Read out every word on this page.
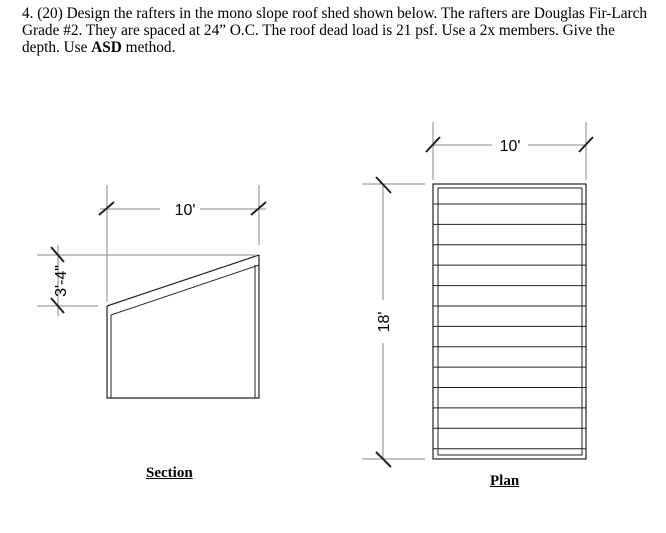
4. (20) Design the rafters in the mono slope roof shed shown below. The rafters are Douglas Fir-Larch Grade #2. They are spaced at 24” O.C. The roof dead load is 21 psf. Use a 2x members. Give the depth. Use ASD method.
10'
3'-4"
10'
18'
Section	Plan
